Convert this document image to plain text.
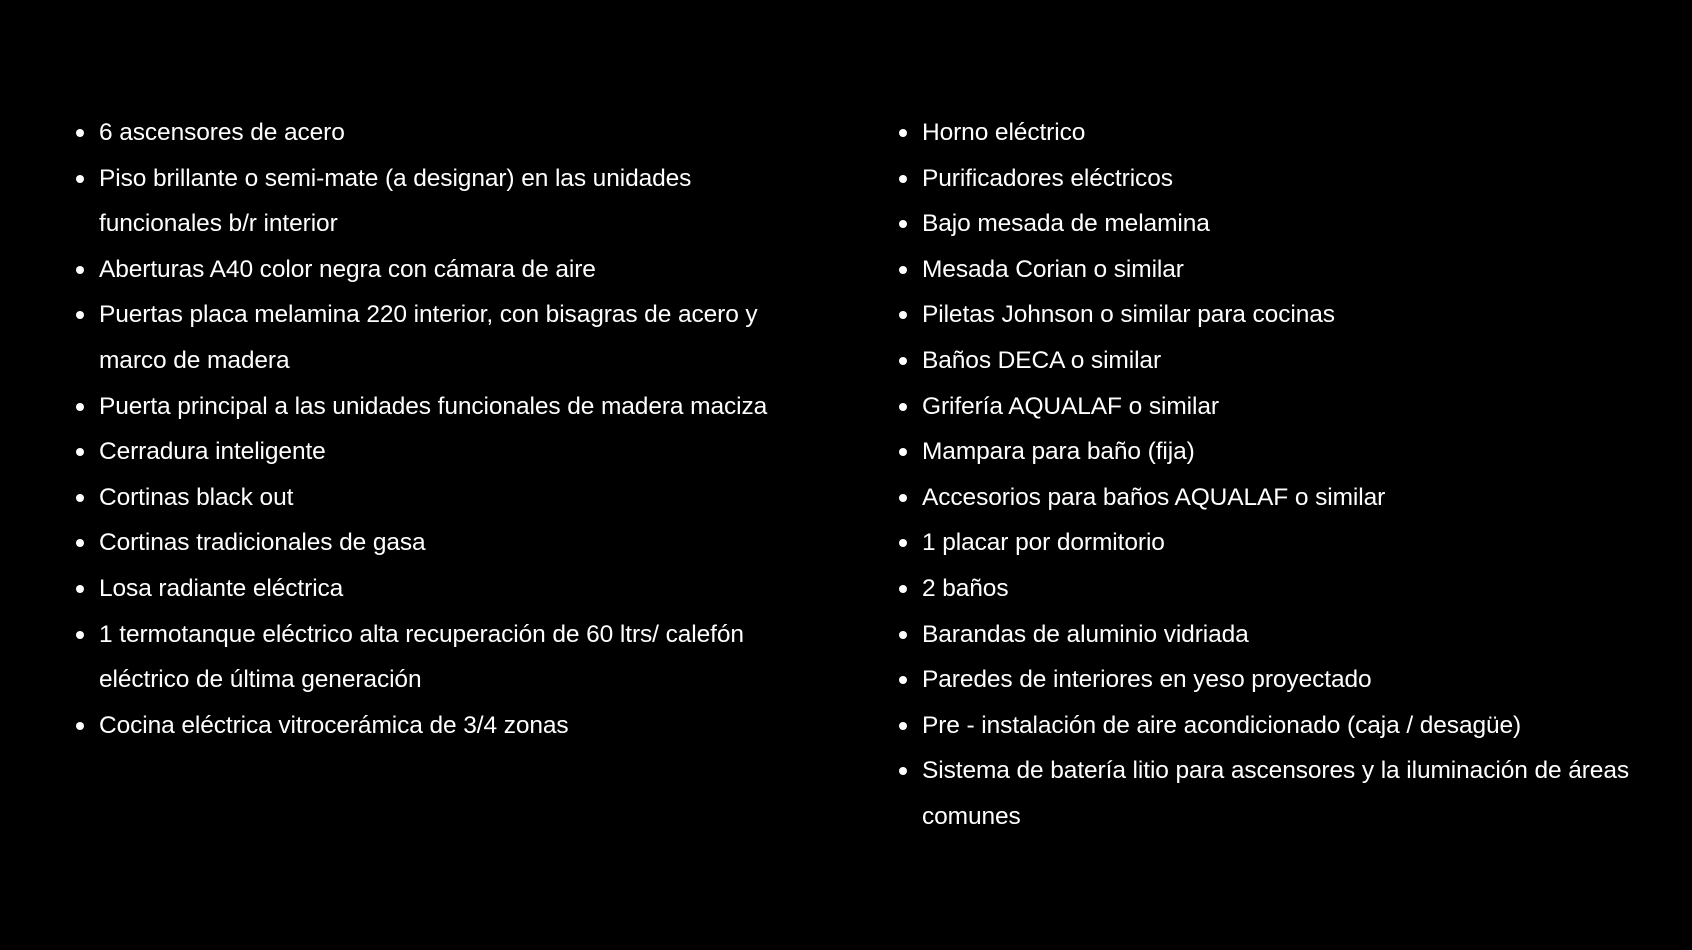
6 ascensores de acero
Piso brillante o semi-mate (a designar) en las unidades funcionales b/r interior
Aberturas A40 color negra con cámara de aire
Puertas placa melamina 220 interior, con bisagras de acero y marco de madera
Puerta principal a las unidades funcionales de madera maciza
Cerradura inteligente
Cortinas black out
Cortinas tradicionales de gasa
Losa radiante eléctrica
1 termotanque eléctrico alta recuperación de 60 ltrs/ calefón eléctrico de última generación
Cocina eléctrica vitrocerámica de 3/4 zonas
Horno eléctrico
Purificadores eléctricos
Bajo mesada de melamina
Mesada Corian o similar
Piletas Johnson o similar para cocinas
Baños DECA o similar
Grifería AQUALAF o similar
Mampara para baño (fija)
Accesorios para baños AQUALAF o similar
1 placar por dormitorio
2 baños
Barandas de aluminio vidriada
Paredes de interiores en yeso proyectado
Pre - instalación de aire acondicionado (caja / desagüe)
Sistema de batería litio para ascensores y la iluminación de áreas comunes
